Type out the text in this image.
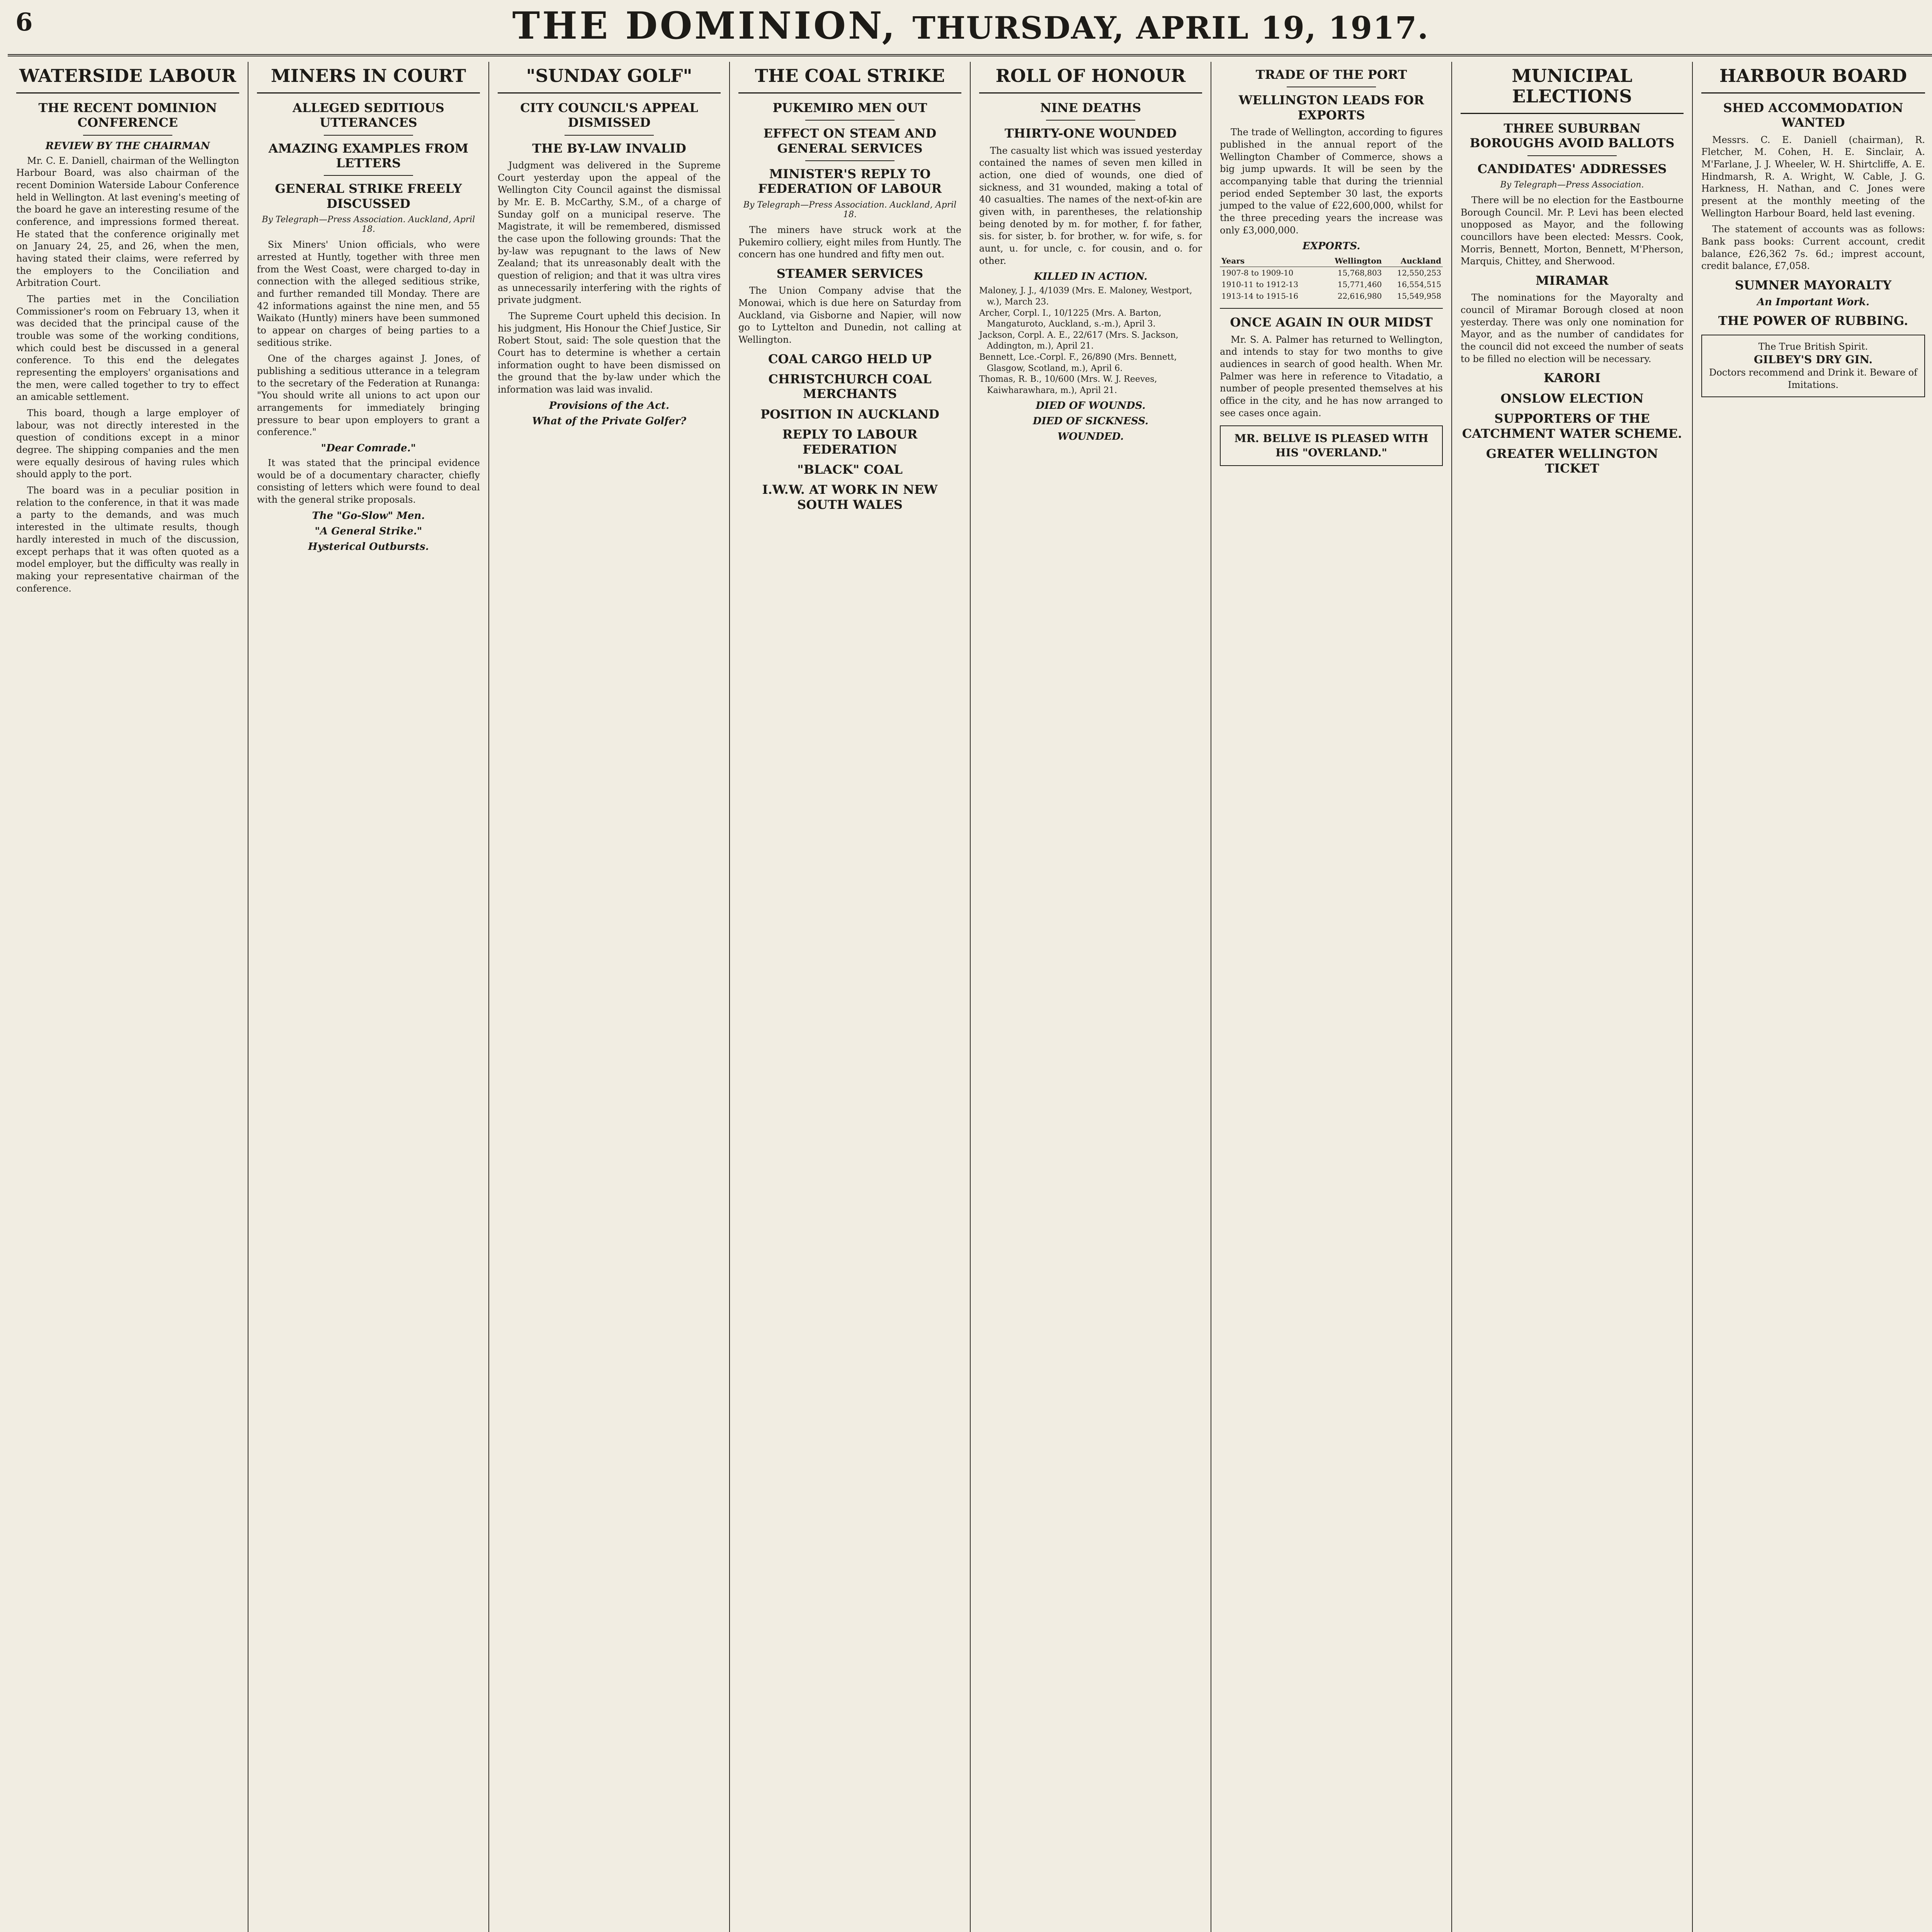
6	THE DOMINION, THURSDAY, APRIL 19, 1917.
WATERSIDE LABOUR
THE RECENT DOMINION CONFERENCE
REVIEW BY THE CHAIRMAN

Mr. C. E. Daniell, chairman of the Wellington Harbour Board, was also chairman of the recent Dominion Waterside Labour Conference held in Wellington. At last evening's meeting of the board he gave an interesting resume of the conference, and impressions formed thereat. He stated that the conference originally met on January 24, 25, and 26, when the men, having stated their claims, were referred by the employers to the Conciliation and Arbitration Court.

The parties met in the Conciliation Commissioner's room on February 13, when it was decided that the principal cause of the trouble was some of the working conditions, which could best be discussed in a general conference. To this end the delegates representing the employers' organisations and the men, were called together to try to effect an amicable settlement.

This board, though a large employer of labour, was not directly interested in the question of conditions except in a minor degree. The shipping companies and the men were equally desirous of having rules which should apply to the port.

The board was in a peculiar position in relation to the conference, in that it was made a party to the demands, and was much interested in the ultimate results, though hardly interested in much of the discussion, except perhaps that it was often quoted as a model employer, but the difficulty was really in making your representative chairman of the conference.

MINERS IN COURT
ALLEGED SEDITIOUS UTTERANCES
AMAZING EXAMPLES FROM LETTERS
GENERAL STRIKE FREELY DISCUSSED
By Telegraph—Press Association. Auckland, April 18.

Six Miners' Union officials, who were arrested at Huntly, together with three men from the West Coast, were charged to-day in connection with the alleged seditious strike, and further remanded till Monday. There are 42 informations against the nine men, and 55 Waikato (Huntly) miners have been summoned to appear on charges of being parties to a seditious strike.

One of the charges against J. Jones, of publishing a seditious utterance in a telegram to the secretary of the Federation at Runanga: "You should write all unions to act upon our arrangements for immediately bringing pressure to bear upon employers to grant a conference."

"Dear Comrade."

It was stated that the principal evidence would be of a documentary character, chiefly consisting of letters which were found to deal with the general strike proposals.

The "Go-Slow" Men.
"A General Strike."
Hysterical Outbursts.
"SUNDAY GOLF"
CITY COUNCIL'S APPEAL DISMISSED
THE BY-LAW INVALID

Judgment was delivered in the Supreme Court yesterday upon the appeal of the Wellington City Council against the dismissal by Mr. E. B. McCarthy, S.M., of a charge of Sunday golf on a municipal reserve. The Magistrate, it will be remembered, dismissed the case upon the following grounds: That the by-law was repugnant to the laws of New Zealand; that its unreasonably dealt with the question of religion; and that it was ultra vires as unnecessarily interfering with the rights of private judgment.

The Supreme Court upheld this decision. In his judgment, His Honour the Chief Justice, Sir Robert Stout, said: The sole question that the Court has to determine is whether a certain information ought to have been dismissed on the ground that the by-law under which the information was laid was invalid.

Provisions of the Act.
What of the Private Golfer?
THE COAL STRIKE
PUKEMIRO MEN OUT
EFFECT ON STEAM AND GENERAL SERVICES
MINISTER'S REPLY TO FEDERATION OF LABOUR
By Telegraph—Press Association. Auckland, April 18.

The miners have struck work at the Pukemiro colliery, eight miles from Huntly. The concern has one hundred and fifty men out.

STEAMER SERVICES

The Union Company advise that the Monowai, which is due here on Saturday from Auckland, via Gisborne and Napier, will now go to Lyttelton and Dunedin, not calling at Wellington.

COAL CARGO HELD UP
CHRISTCHURCH COAL MERCHANTS
POSITION IN AUCKLAND
REPLY TO LABOUR FEDERATION
"BLACK" COAL
I.W.W. AT WORK IN NEW SOUTH WALES
ROLL OF HONOUR
NINE DEATHS
THIRTY-ONE WOUNDED

The casualty list which was issued yesterday contained the names of seven men killed in action, one died of wounds, one died of sickness, and 31 wounded, making a total of 40 casualties. The names of the next-of-kin are given with, in parentheses, the relationship being denoted by m. for mother, f. for father, sis. for sister, b. for brother, w. for wife, s. for aunt, u. for uncle, c. for cousin, and o. for other.

KILLED IN ACTION.
Maloney, J. J., 4/1039 (Mrs. E. Maloney, Westport, w.), March 23.
Archer, Corpl. I., 10/1225 (Mrs. A. Barton, Mangaturoto, Auckland, s.-m.), April 3.
Jackson, Corpl. A. E., 22/617 (Mrs. S. Jackson, Addington, m.), April 21.
Bennett, Lce.-Corpl. F., 26/890 (Mrs. Bennett, Glasgow, Scotland, m.), April 6.
Thomas, R. B., 10/600 (Mrs. W. J. Reeves, Kaiwharawhara, m.), April 21.
DIED OF WOUNDS.
DIED OF SICKNESS.
WOUNDED.
TRADE OF THE PORT
WELLINGTON LEADS FOR EXPORTS

The trade of Wellington, according to figures published in the annual report of the Wellington Chamber of Commerce, shows a big jump upwards. It will be seen by the accompanying table that during the triennial period ended September 30 last, the exports jumped to the value of £22,600,000, whilst for the three preceding years the increase was only £3,000,000.

EXPORTS.
Years	Wellington	Auckland
1907-8 to 1909-10	15,768,803	12,550,253
1910-11 to 1912-13	15,771,460	16,554,515
1913-14 to 1915-16	22,616,980	15,549,958
ONCE AGAIN IN OUR MIDST

Mr. S. A. Palmer has returned to Wellington, and intends to stay for two months to give audiences in search of good health. When Mr. Palmer was here in reference to Vitadatio, a number of people presented themselves at his office in the city, and he has now arranged to see cases once again.

MR. BELLVE IS PLEASED WITH HIS "OVERLAND."
MUNICIPAL ELECTIONS
THREE SUBURBAN BOROUGHS AVOID BALLOTS
CANDIDATES' ADDRESSES
By Telegraph—Press Association.

There will be no election for the Eastbourne Borough Council. Mr. P. Levi has been elected unopposed as Mayor, and the following councillors have been elected: Messrs. Cook, Morris, Bennett, Morton, Bennett, M'Pherson, Marquis, Chittey, and Sherwood.

MIRAMAR

The nominations for the Mayoralty and council of Miramar Borough closed at noon yesterday. There was only one nomination for Mayor, and as the number of candidates for the council did not exceed the number of seats to be filled no election will be necessary.

KARORI
ONSLOW ELECTION
SUPPORTERS OF THE CATCHMENT WATER SCHEME.
GREATER WELLINGTON TICKET
HARBOUR BOARD
SHED ACCOMMODATION WANTED

Messrs. C. E. Daniell (chairman), R. Fletcher, M. Cohen, H. E. Sinclair, A. M'Farlane, J. J. Wheeler, W. H. Shirtcliffe, A. E. Hindmarsh, R. A. Wright, W. Cable, J. G. Harkness, H. Nathan, and C. Jones were present at the monthly meeting of the Wellington Harbour Board, held last evening.

The statement of accounts was as follows: Bank pass books: Current account, credit balance, £26,362 7s. 6d.; imprest account, credit balance, £7,058.

SUMNER MAYORALTY
An Important Work.
THE POWER OF RUBBING.
The True British Spirit.
GILBEY'S DRY GIN.
Doctors recommend and Drink it. Beware of Imitations.
